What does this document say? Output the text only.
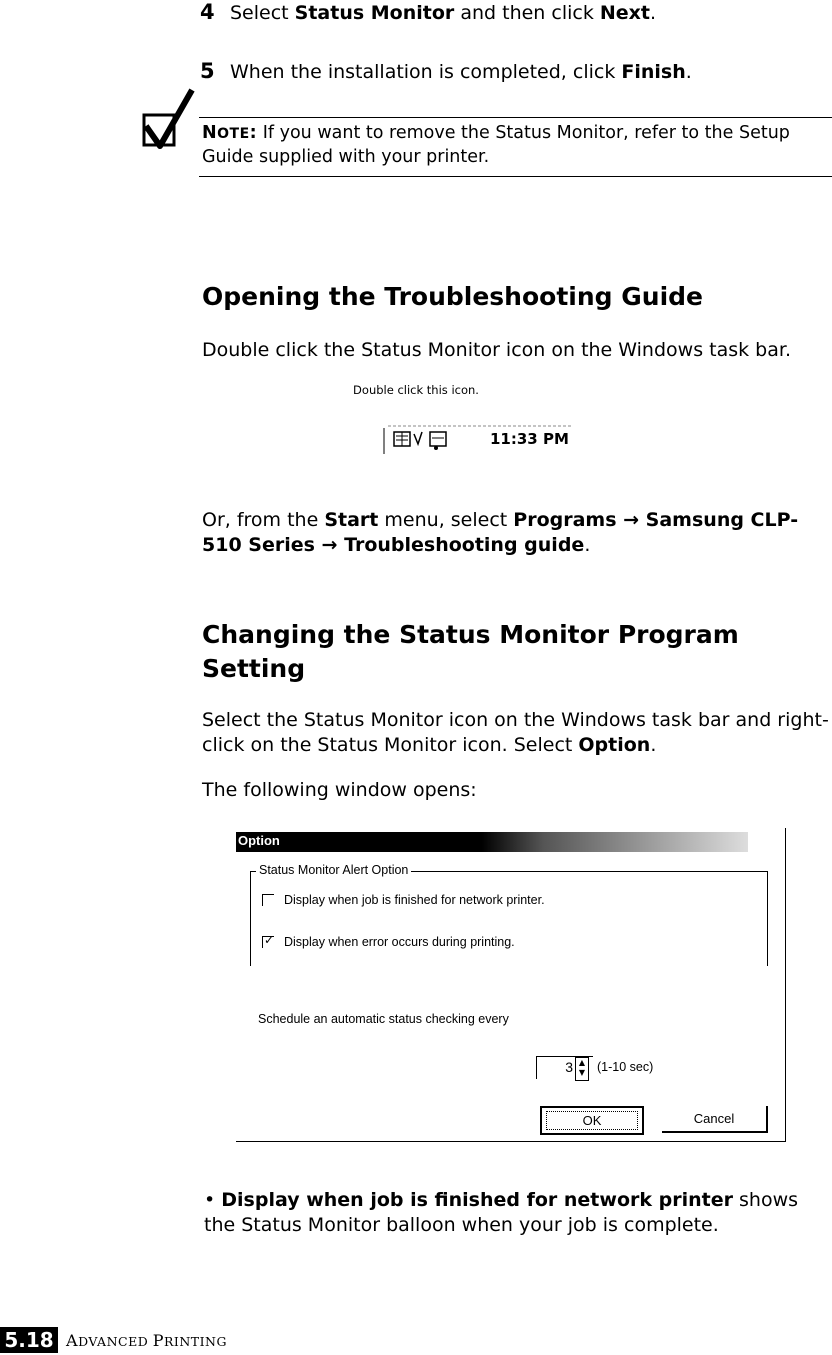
4 Select Status Monitor and then click Next.
5 When the installation is completed, click Finish.
NOTE: If you want to remove the Status Monitor, refer to the Setup Guide supplied with your printer.
Opening the Troubleshooting Guide
Double click the Status Monitor icon on the Windows task bar.
Double click this icon.
11:33 PM
Or, from the Start menu, select Programs → Samsung CLP-510 Series → Troubleshooting guide.
Changing the Status Monitor Program Setting
Select the Status Monitor icon on the Windows task bar and right-click on the Status Monitor icon. Select Option.
The following window opens:
Option
Status Monitor Alert Option
Display when job is finished for network printer.
✓ Display when error occurs during printing.
Schedule an automatic status checking every
3 ▲
▼ (1-10 sec)
OK	Cancel
• Display when job is finished for network printer shows the Status Monitor balloon when your job is complete.
5.18 ADVANCED PRINTING
